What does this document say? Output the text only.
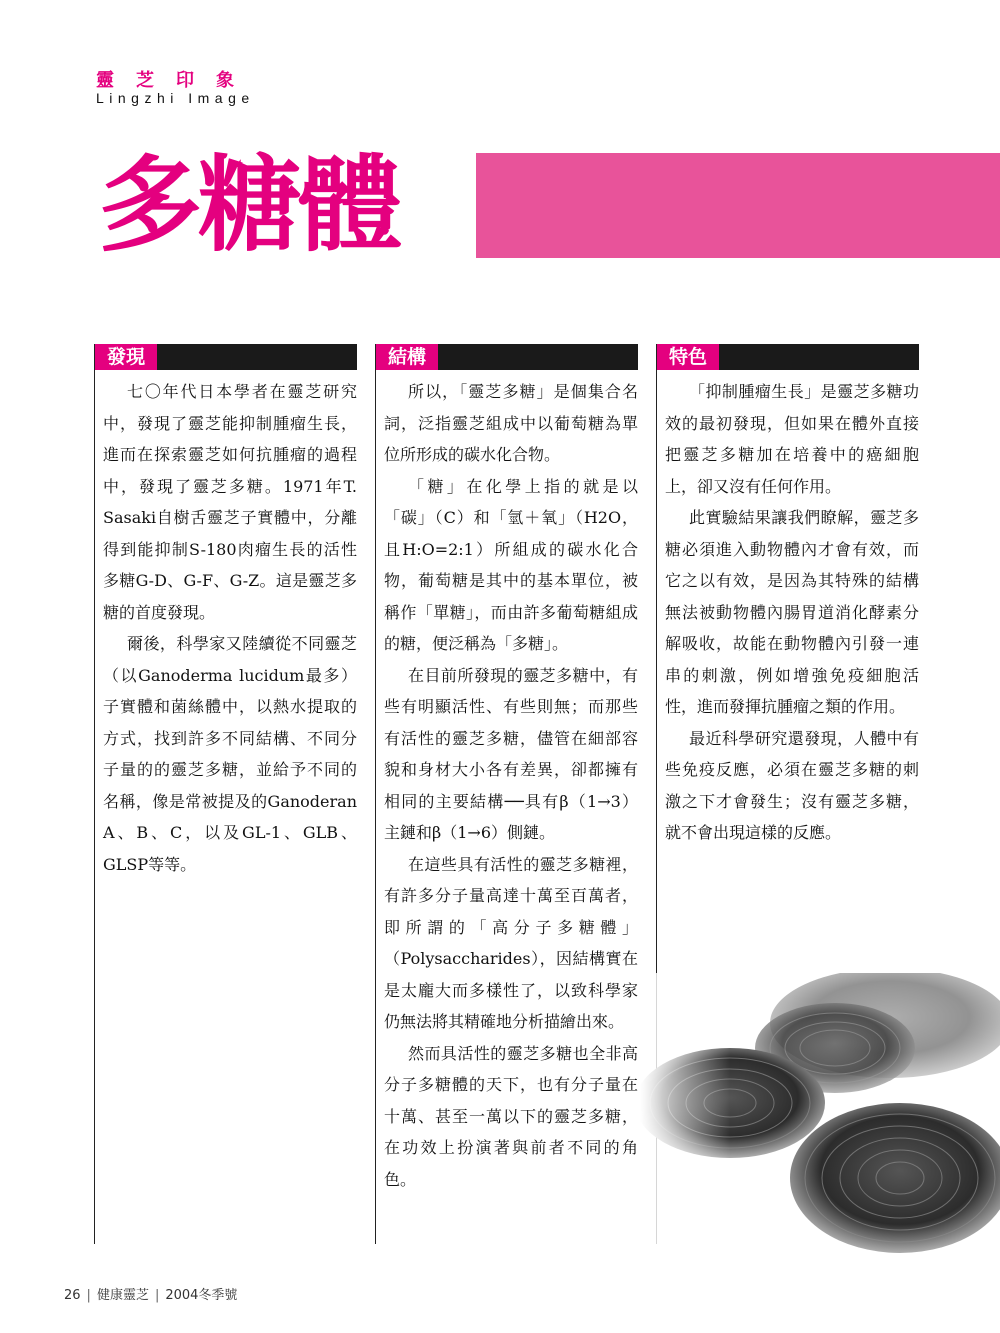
靈芝印象
Lingzhi Image
多糖體
發現

七〇年代日本學者在靈芝研究中，發現了靈芝能抑制腫瘤生長，進而在探索靈芝如何抗腫瘤的過程中，發現了靈芝多糖。1971年T. Sasaki自樹舌靈芝子實體中，分離得到能抑制S-180肉瘤生長的活性多糖G-D、G-F、G-Z。這是靈芝多糖的首度發現。

爾後，科學家又陸續從不同靈芝（以Ganoderma lucidum最多）子實體和菌絲體中，以熱水提取的方式，找到許多不同結構、不同分子量的的靈芝多糖，並給予不同的名稱，像是常被提及的Ganoderan A、B、C，以及GL-1、GLB、GLSP等等。

結構

所以，「靈芝多糖」是個集合名詞，泛指靈芝組成中以葡萄糖為單位所形成的碳水化合物。

「糖」在化學上指的就是以「碳」（C）和「氫＋氧」（H2O，且H:O=2:1）所組成的碳水化合物，葡萄糖是其中的基本單位，被稱作「單糖」，而由許多葡萄糖組成的糖，便泛稱為「多糖」。

在目前所發現的靈芝多糖中，有些有明顯活性、有些則無；而那些有活性的靈芝多糖，儘管在細部容貌和身材大小各有差異，卻都擁有相同的主要結構──具有β（1→3）主鏈和β（1→6）側鏈。

在這些具有活性的靈芝多糖裡，有許多分子量高達十萬至百萬者，即所謂的「高分子多糖體」（Polysaccharides），因結構實在是太龐大而多樣性了，以致科學家仍無法將其精確地分析描繪出來。

然而具活性的靈芝多糖也全非高分子多糖體的天下，也有分子量在十萬、甚至一萬以下的靈芝多糖，在功效上扮演著與前者不同的角色。

特色

「抑制腫瘤生長」是靈芝多糖功效的最初發現，但如果在體外直接把靈芝多糖加在培養中的癌細胞上，卻又沒有任何作用。

此實驗結果讓我們瞭解，靈芝多糖必須進入動物體內才會有效，而它之以有效，是因為其特殊的結構無法被動物體內腸胃道消化酵素分解吸收，故能在動物體內引發一連串的刺激，例如增強免疫細胞活性，進而發揮抗腫瘤之類的作用。

最近科學研究還發現，人體中有些免疫反應，必須在靈芝多糖的刺激之下才會發生；沒有靈芝多糖，就不會出現這樣的反應。

26 | 健康靈芝 | 2004冬季號
